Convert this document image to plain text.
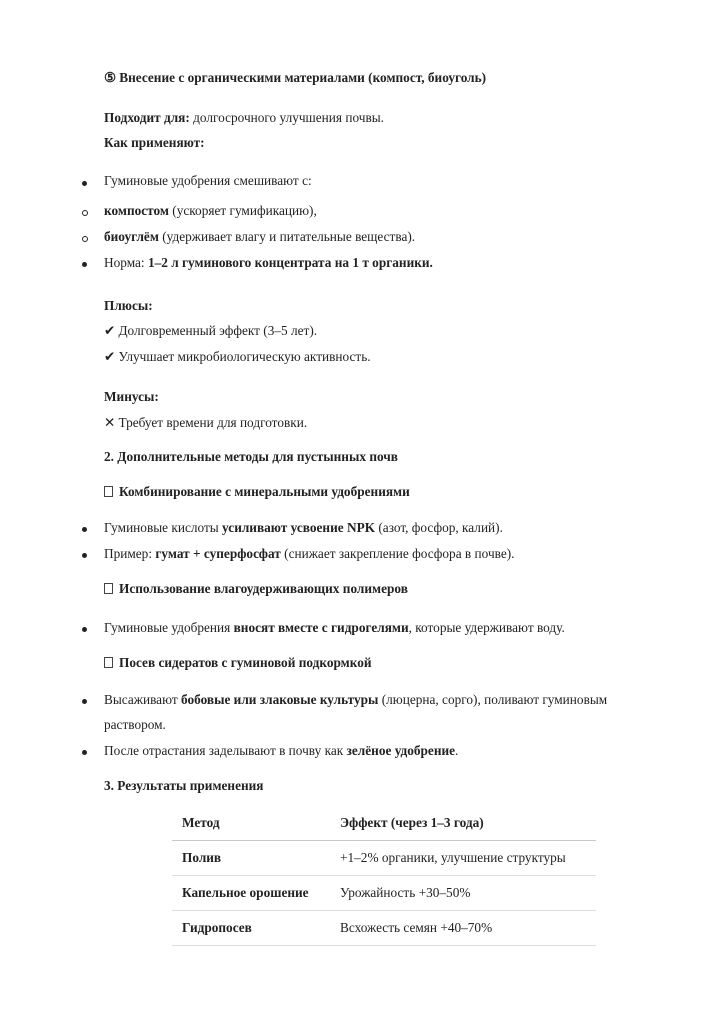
⑤ Внесение с органическими материалами (компост, биоуголь)
Подходит для: долгосрочного улучшения почвы.
Как применяют:
Гуминовые удобрения смешивают с:
компостом (ускоряет гумификацию),
биоуглём (удерживает влагу и питательные вещества).
Норма: 1–2 л гуминового концентрата на 1 т органики.
Плюсы:
✔ Долговременный эффект (3–5 лет).
✔ Улучшает микробиологическую активность.
Минусы:
✕ Требует времени для подготовки.
2. Дополнительные методы для пустынных почв
Комбинирование с минеральными удобрениями
Гуминовые кислоты усиливают усвоение NPK (азот, фосфор, калий).
Пример: гумат + суперфосфат (снижает закрепление фосфора в почве).
Использование влагоудерживающих полимеров
Гуминовые удобрения вносят вместе с гидрогелями, которые удерживают воду.
Посев сидератов с гуминовой подкормкой
Высаживают бобовые или злаковые культуры (люцерна, сорго), поливают гуминовым
раствором.
После отрастания заделывают в почву как зелёное удобрение.
3. Результаты применения
Метод	Эффект (через 1–3 года)
Полив	+1–2% органики, улучшение структуры
Капельное орошение	Урожайность +30–50%
Гидропосев	Всхожесть семян +40–70%
